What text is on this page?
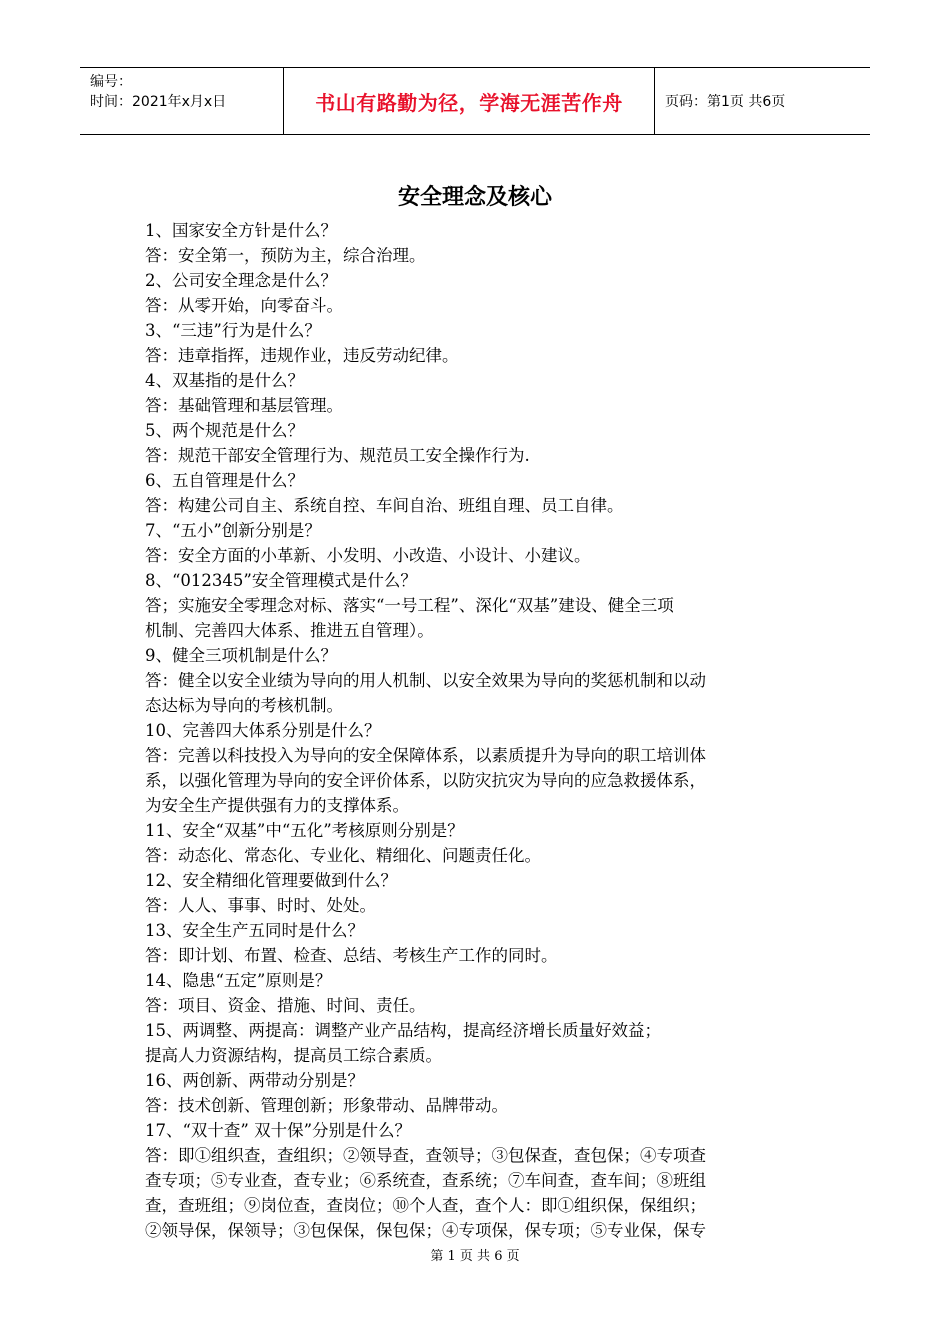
编号：
时间：2021年x月x日	书山有路勤为径，学海无涯苦作舟	页码：第1页 共6页
安全理念及核心
1、国家安全方针是什么？
答：安全第一，预防为主，综合治理。
2、公司安全理念是什么？
答：从零开始，向零奋斗。
3、“三违”行为是什么？
答：违章指挥，违规作业，违反劳动纪律。
4、双基指的是什么？
答：基础管理和基层管理。
5、两个规范是什么？
答：规范干部安全管理行为、规范员工安全操作行为.
6、五自管理是什么？
答：构建公司自主、系统自控、车间自治、班组自理、员工自律。
7、“五小”创新分别是？
答：安全方面的小革新、小发明、小改造、小设计、小建议。
8、“012345”安全管理模式是什么？
答；实施安全零理念对标、落实“一号工程”、深化“双基”建设、健全三项
机制、完善四大体系、推进五自管理）。
9、健全三项机制是什么？
答：健全以安全业绩为导向的用人机制、以安全效果为导向的奖惩机制和以动
态达标为导向的考核机制。
10、完善四大体系分别是什么？
答：完善以科技投入为导向的安全保障体系，以素质提升为导向的职工培训体
系，以强化管理为导向的安全评价体系，以防灾抗灾为导向的应急救援体系，
为安全生产提供强有力的支撑体系。
11、安全“双基”中“五化”考核原则分别是？
答：动态化、常态化、专业化、精细化、问题责任化。
12、安全精细化管理要做到什么？
答：人人、事事、时时、处处。
13、安全生产五同时是什么？
答：即计划、布置、检查、总结、考核生产工作的同时。
14、隐患“五定”原则是？
答：项目、资金、措施、时间、责任。
15、两调整、两提高：调整产业产品结构，提高经济增长质量好效益；
提高人力资源结构，提高员工综合素质。
16、两创新、两带动分别是？
答：技术创新、管理创新；形象带动、品牌带动。
17、“双十查” 双十保”分别是什么？
答：即①组织查，查组织；②领导查，查领导；③包保查，查包保；④专项查
查专项；⑤专业查，查专业；⑥系统查，查系统；⑦车间查，查车间；⑧班组
查，查班组；⑨岗位查，查岗位；⑩个人查，查个人：即①组织保，保组织；
②领导保，保领导；③包保保，保包保；④专项保，保专项；⑤专业保，保专
第 1 页 共 6 页
